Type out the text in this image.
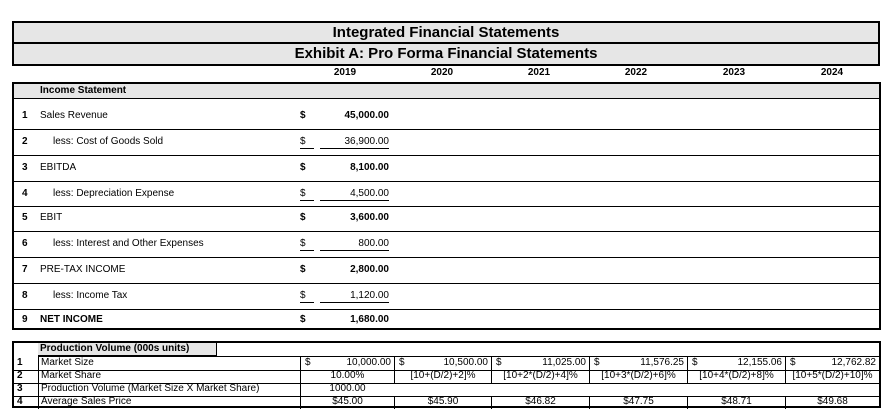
Integrated Financial Statements
Exhibit A: Pro Forma Financial Statements
2019	2020	2021	2022	2023	2024
Income Statement
1	Sales Revenue	$	45,000.00
2	less: Cost of Goods Sold	$	36,900.00
3	EBITDA	$	8,100.00
4	less: Depreciation Expense	$	4,500.00
5	EBIT	$	3,600.00
6	less: Interest and Other Expenses	$	800.00
7	PRE-TAX INCOME	$	2,800.00
8	less: Income Tax	$	1,120.00
9	NET INCOME	$	1,680.00
Production Volume (000s units)
1	Market Size	$	10,000.00 $	10,500.00 $	11,025.00 $	11,576.25 $	12,155.06 $	12,762.82
2	Market Share	10.00%	[10+(D/2)+2]%	[10+2*(D/2)+4]%	[10+3*(D/2)+6]%	[10+4*(D/2)+8]%	[10+5*(D/2)+10]%
3	Production Volume (Market Size X Market Share)	1000.00
4	Average Sales Price	$45.00	$45.90	$46.82	$47.75	$48.71	$49.68
